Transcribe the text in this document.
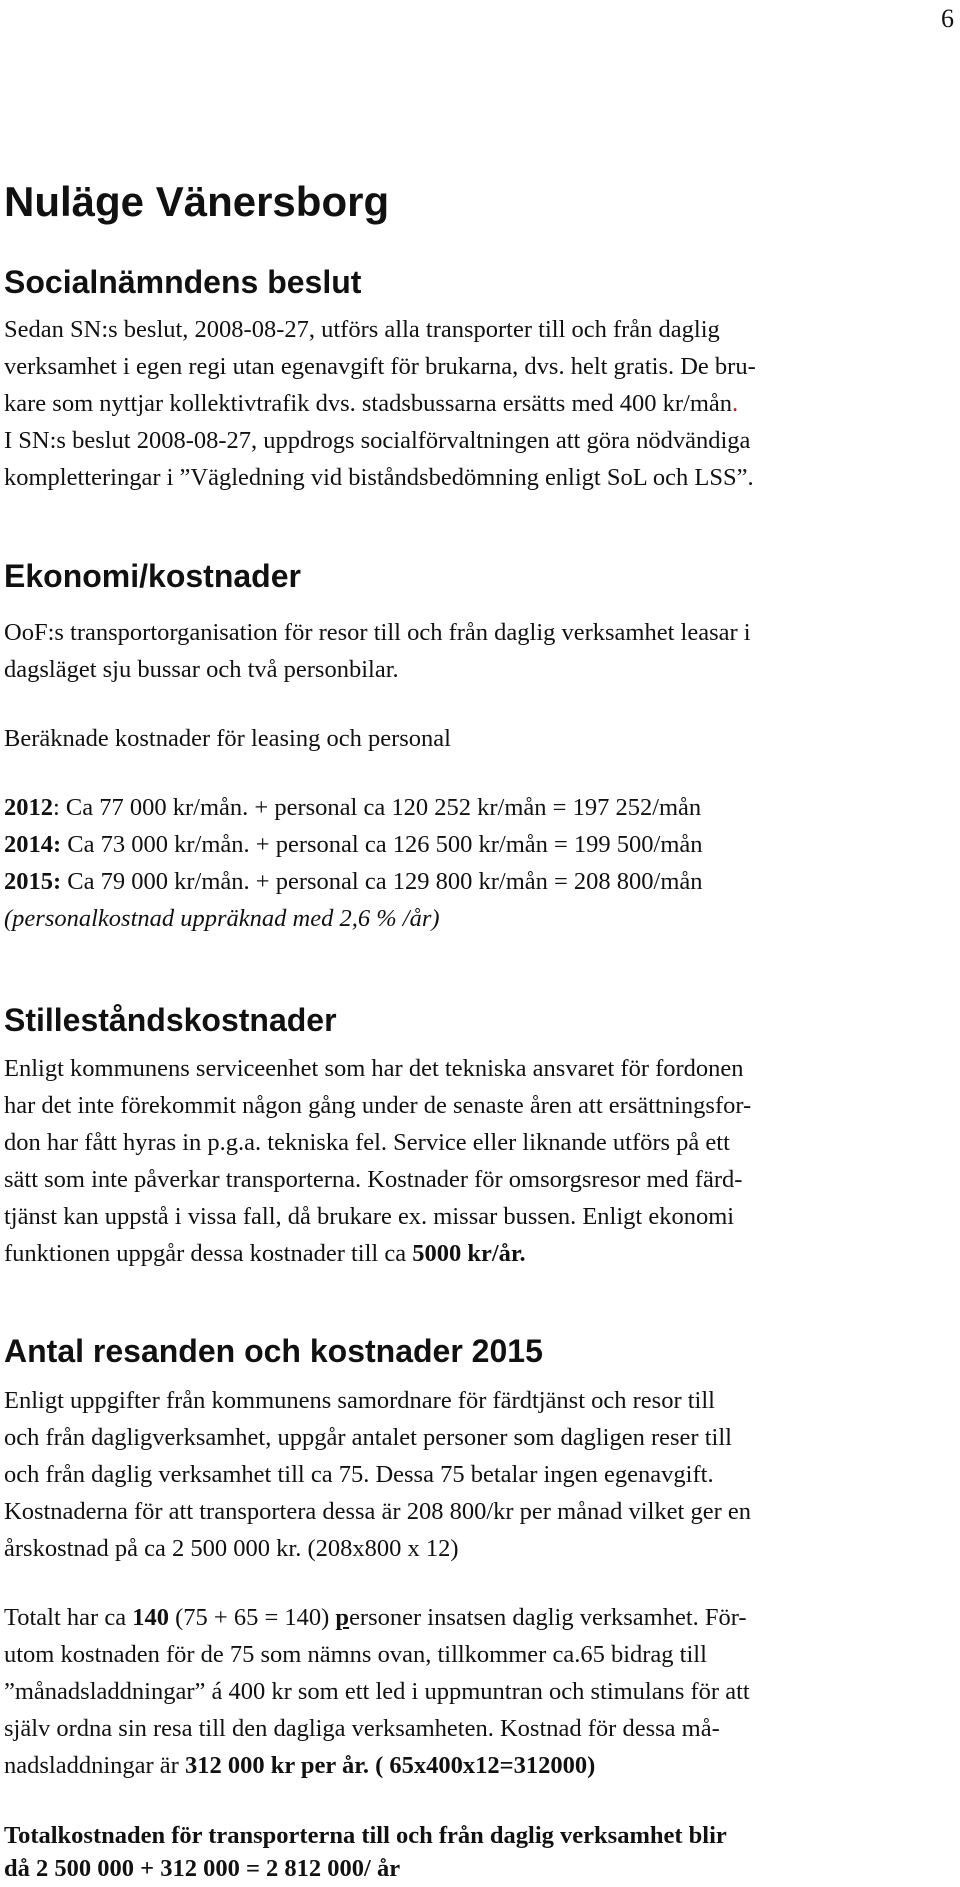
6
Nuläge Vänersborg
Socialnämndens beslut

Sedan SN:s beslut, 2008-08-27, utförs alla transporter till och från daglig

verksamhet i egen regi utan egenavgift för brukarna, dvs. helt gratis. De bru-

kare som nyttjar kollektivtrafik dvs. stadsbussarna ersätts med 400 kr/mån.

I SN:s beslut 2008-08-27, uppdrogs socialförvaltningen att göra nödvändiga

kompletteringar i ”Vägledning vid biståndsbedömning enligt SoL och LSS”.

Ekonomi/kostnader

OoF:s transportorganisation för resor till och från daglig verksamhet leasar i

dagsläget sju bussar och två personbilar.

Beräknade kostnader för leasing och personal

2012: Ca 77 000 kr/mån. + personal ca 120 252 kr/mån = 197 252/mån

2014: Ca 73 000 kr/mån. + personal ca 126 500 kr/mån = 199 500/mån

2015: Ca 79 000 kr/mån. + personal ca 129 800 kr/mån = 208 800/mån

(personalkostnad uppräknad med 2,6 % /år)

Stilleståndskostnader

Enligt kommunens serviceenhet som har det tekniska ansvaret för fordonen

har det inte förekommit någon gång under de senaste åren att ersättningsfor-

don har fått hyras in p.g.a. tekniska fel. Service eller liknande utförs på ett

sätt som inte påverkar transporterna. Kostnader för omsorgsresor med färd-

tjänst kan uppstå i vissa fall, då brukare ex. missar bussen. Enligt ekonomi

funktionen uppgår dessa kostnader till ca 5000 kr/år.

Antal resanden och kostnader 2015

Enligt uppgifter från kommunens samordnare för färdtjänst och resor till

och från dagligverksamhet, uppgår antalet personer som dagligen reser till

och från daglig verksamhet till ca 75. Dessa 75 betalar ingen egenavgift.

Kostnaderna för att transportera dessa är 208 800/kr per månad vilket ger en

årskostnad på ca 2 500 000 kr. (208x800 x 12)

Totalt har ca 140 (75 + 65 = 140) personer insatsen daglig verksamhet. För-

utom kostnaden för de 75 som nämns ovan, tillkommer ca.65 bidrag till

”månadsladdningar” á 400 kr som ett led i uppmuntran och stimulans för att

själv ordna sin resa till den dagliga verksamheten. Kostnad för dessa må-

nadsladdningar är 312 000 kr per år. ( 65x400x12=312000)

Totalkostnaden för transporterna till och från daglig verksamhet blir

då 2 500 000 + 312 000 = 2 812 000/ år
